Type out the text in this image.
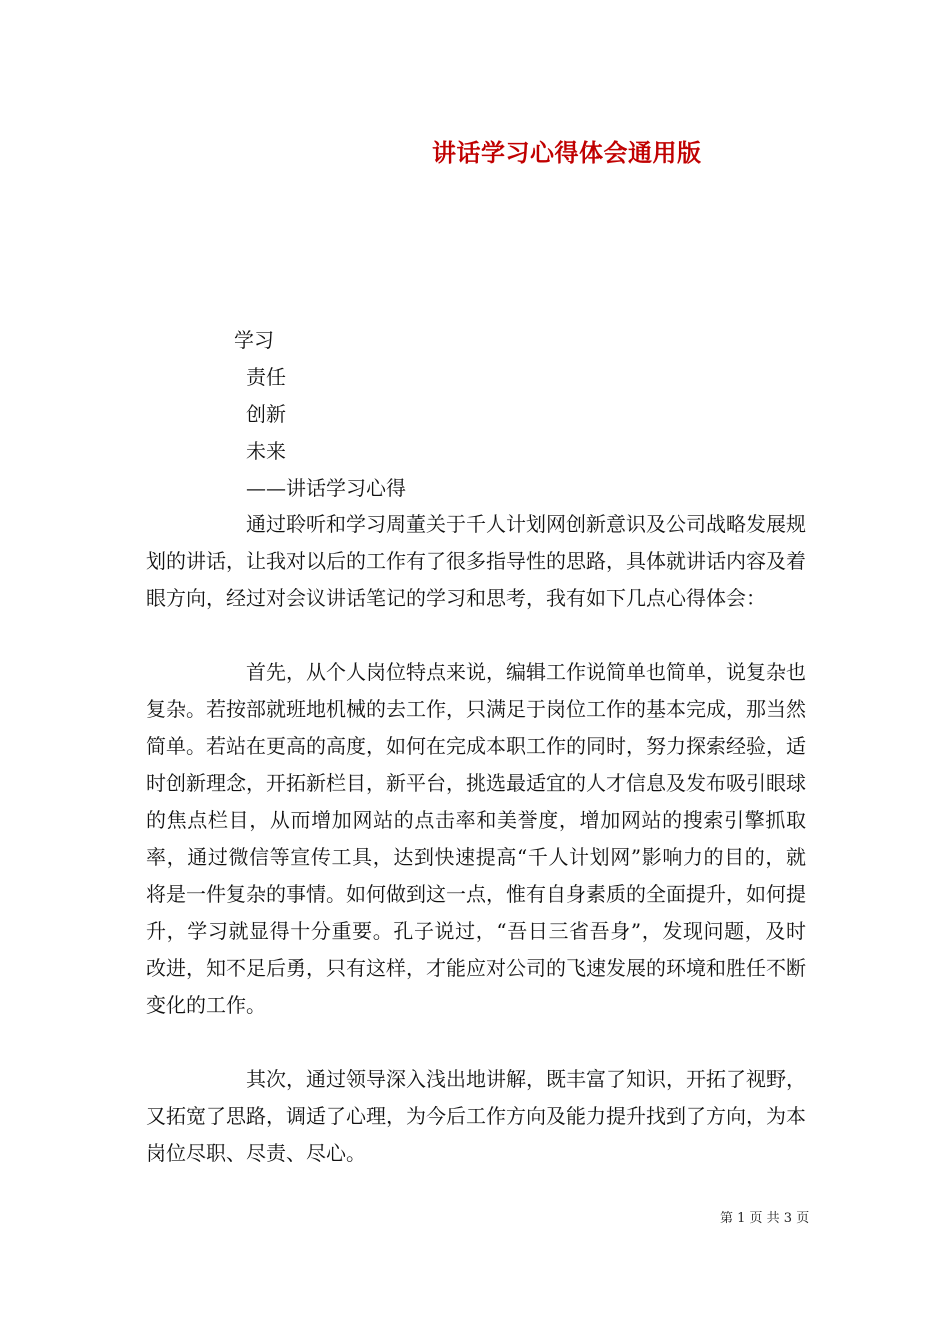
讲话学习心得体会通用版
学习
责任
创新
未来
——讲话学习心得

通过聆听和学习周董关于千人计划网创新意识及公司战略发展规划的讲话，让我对以后的工作有了很多指导性的思路，具体就讲话内容及着眼方向，经过对会议讲话笔记的学习和思考，我有如下几点心得体会：

首先，从个人岗位特点来说，编辑工作说简单也简单，说复杂也复杂。若按部就班地机械的去工作，只满足于岗位工作的基本完成，那当然简单。若站在更高的高度，如何在完成本职工作的同时，努力探索经验，适时创新理念，开拓新栏目，新平台，挑选最适宜的人才信息及发布吸引眼球的焦点栏目，从而增加网站的点击率和美誉度，增加网站的搜索引擎抓取率，通过微信等宣传工具，达到快速提高“千人计划网”影响力的目的，就将是一件复杂的事情。如何做到这一点，惟有自身素质的全面提升，如何提升，学习就显得十分重要。孔子说过，“吾日三省吾身”，发现问题，及时改进，知不足后勇，只有这样，才能应对公司的飞速发展的环境和胜任不断变化的工作。

其次，通过领导深入浅出地讲解，既丰富了知识，开拓了视野，又拓宽了思路，调适了心理，为今后工作方向及能力提升找到了方向，为本岗位尽职、尽责、尽心。

第 1 页 共 3 页
